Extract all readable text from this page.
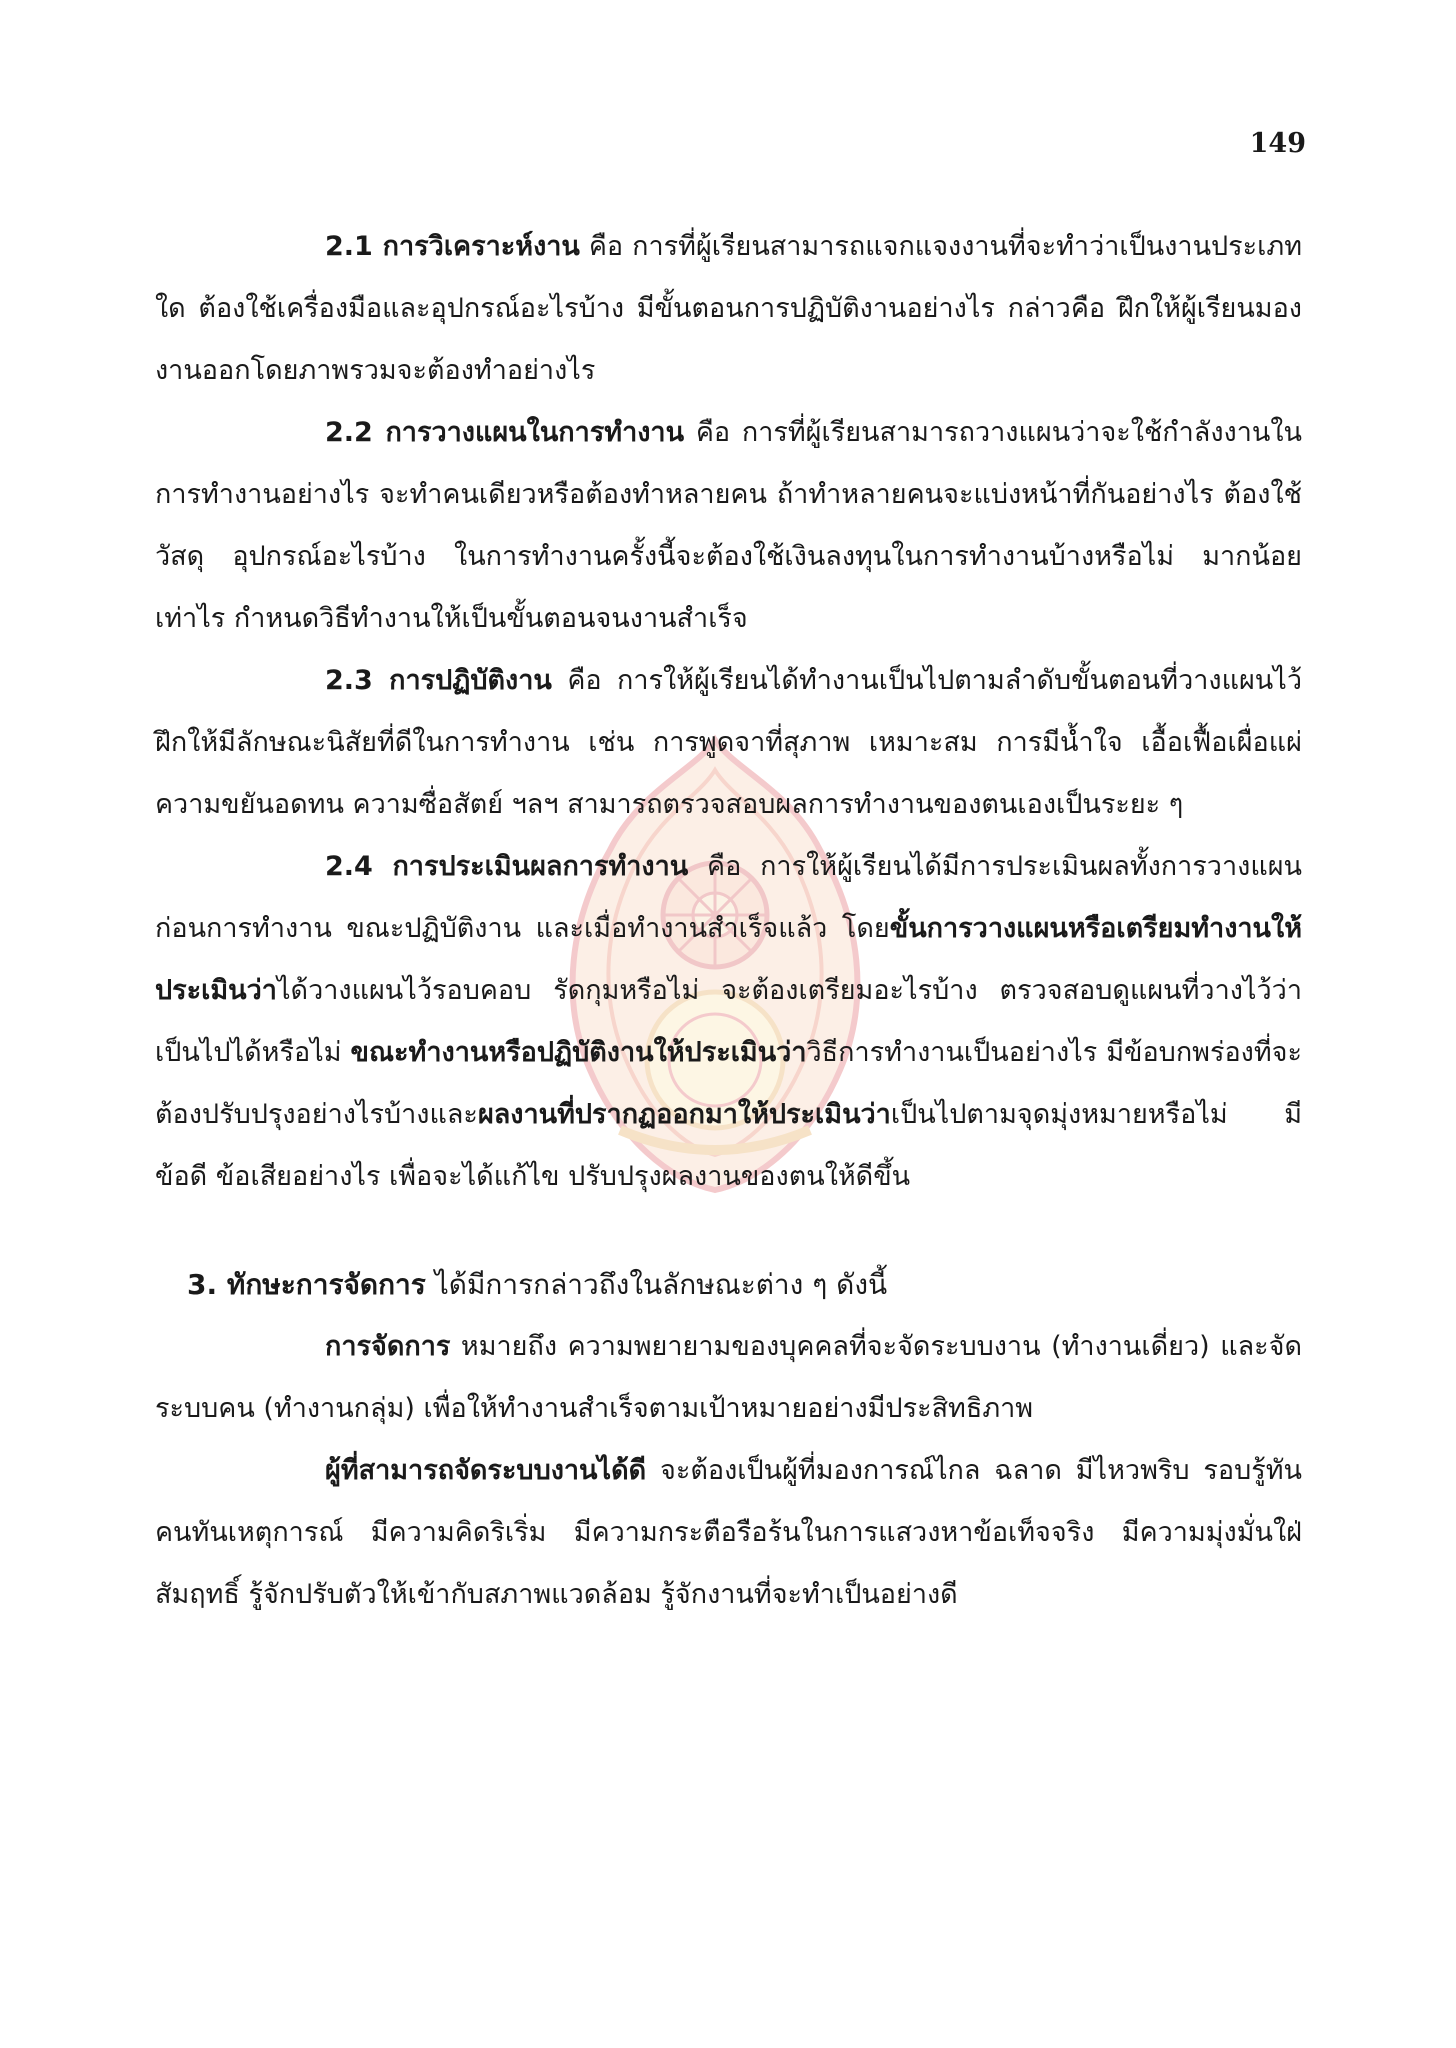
149

2.1 การวิเคราะห์งาน คือ การที่ผู้เรียนสามารถแจกแจงงานที่จะทำว่าเป็นงานประเภทใด ต้องใช้เครื่องมือและอุปกรณ์อะไรบ้าง มีขั้นตอนการปฏิบัติงานอย่างไร กล่าวคือ ฝึกให้ผู้เรียนมองงานออกโดยภาพรวมจะต้องทำอย่างไร

2.2 การวางแผนในการทำงาน คือ การที่ผู้เรียนสามารถวางแผนว่าจะใช้กำลังงานในการทำงานอย่างไร จะทำคนเดียวหรือต้องทำหลายคน ถ้าทำหลายคนจะแบ่งหน้าที่กันอย่างไร ต้องใช้วัสดุ อุปกรณ์อะไรบ้าง ในการทำงานครั้งนี้จะต้องใช้เงินลงทุนในการทำงานบ้างหรือไม่ มากน้อยเท่าไร กำหนดวิธีทำงานให้เป็นขั้นตอนจนงานสำเร็จ

2.3 การปฏิบัติงาน คือ การให้ผู้เรียนได้ทำงานเป็นไปตามลำดับขั้นตอนที่วางแผนไว้ ฝึกให้มีลักษณะนิสัยที่ดีในการทำงาน เช่น การพูดจาที่สุภาพ เหมาะสม การมีน้ำใจ เอื้อเฟื้อเผื่อแผ่ ความขยันอดทน ความซื่อสัตย์ ฯลฯ สามารถตรวจสอบผลการทำงานของตนเองเป็นระยะ ๆ

2.4 การประเมินผลการทำงาน คือ การให้ผู้เรียนได้มีการประเมินผลทั้งการวางแผนก่อนการทำงาน ขณะปฏิบัติงาน และเมื่อทำงานสำเร็จแล้ว โดยขั้นการวางแผนหรือเตรียมทำงานให้ประเมินว่าได้วางแผนไว้รอบคอบ รัดกุมหรือไม่ จะต้องเตรียมอะไรบ้าง ตรวจสอบดูแผนที่วางไว้ว่าเป็นไปได้หรือไม่ ขณะทำงานหรือปฏิบัติงานให้ประเมินว่าวิธีการทำงานเป็นอย่างไร มีข้อบกพร่องที่จะต้องปรับปรุงอย่างไรบ้างและผลงานที่ปรากฏออกมาให้ประเมินว่าเป็นไปตามจุดมุ่งหมายหรือไม่ มีข้อดี ข้อเสียอย่างไร เพื่อจะได้แก้ไข ปรับปรุงผลงานของตนให้ดีขึ้น

3. ทักษะการจัดการ ได้มีการกล่าวถึงในลักษณะต่าง ๆ ดังนี้

การจัดการ หมายถึง ความพยายามของบุคคลที่จะจัดระบบงาน (ทำงานเดี่ยว) และจัดระบบคน (ทำงานกลุ่ม) เพื่อให้ทำงานสำเร็จตามเป้าหมายอย่างมีประสิทธิภาพ

ผู้ที่สามารถจัดระบบงานได้ดี จะต้องเป็นผู้ที่มองการณ์ไกล ฉลาด มีไหวพริบ รอบรู้ทันคนทันเหตุการณ์ มีความคิดริเริ่ม มีความกระตือรือร้นในการแสวงหาข้อเท็จจริง มีความมุ่งมั่นใฝ่สัมฤทธิ์ รู้จักปรับตัวให้เข้ากับสภาพแวดล้อม รู้จักงานที่จะทำเป็นอย่างดี
